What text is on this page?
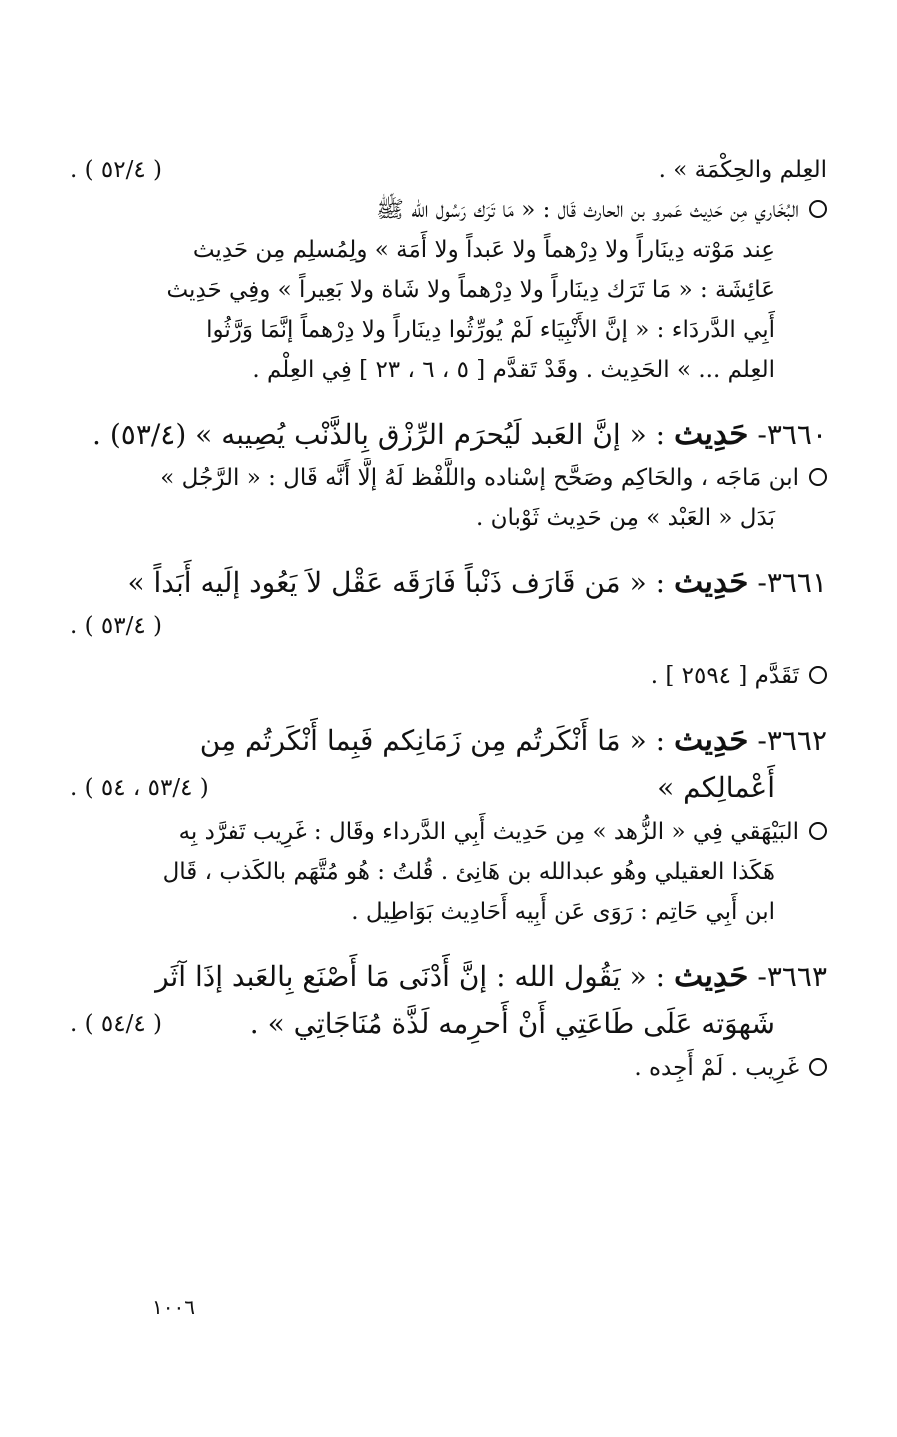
العِلم والحِكْمَة » .
( ٥٢/٤ ) .
البُخَاري مِن حَدِيث عَمرو بن الحارث قَال : « مَا تَرَك رَسُول الله ﷺ
عِند مَوْته دِينَاراً ولا دِرْهماً ولا عَبداً ولا أَمَة » ولِمُسلِم مِن حَدِيث
عَائِشَة : « مَا تَرَك دِينَاراً ولا دِرْهماً ولا شَاة ولا بَعِيراً » وفِي حَدِيث
أَبِي الدَّردَاء : « إنَّ الأَنْبِيَاء لَمْ يُورِّثُوا دِينَاراً ولا دِرْهماً إنَّمَا وَرَّثُوا
العِلم ... » الحَدِيث . وقَدْ تَقدَّم [ ٥ ، ٦ ، ٢٣ ] فِي العِلْم .
٣٦٦٠- حَدِيث : « إنَّ العَبد لَيُحرَم الرِّزْق بِالذَّنْب يُصِيبه » (٥٣/٤) .
ابن مَاجَه ، والحَاكِم وصَحَّح إسْناده واللَّفْظ لَهُ إلَّا أَنَّه قَال : « الرَّجُل »
بَدَل « العَبْد » مِن حَدِيث ثَوْبان .
٣٦٦١- حَدِيث : « مَن قَارَف ذَنْباً فَارَقَه عَقْل لاَ يَعُود إلَيه أَبَداً »
( ٥٣/٤ ) .
تَقَدَّم [ ٢٥٩٤ ] .
٣٦٦٢- حَدِيث : « مَا أَنْكَرتُم مِن زَمَانِكم فَبِما أَنْكَرتُم مِن
أَعْمالِكم »
( ٥٣/٤ ، ٥٤ ) .
البَيْهَقي فِي « الزُّهد » مِن حَدِيث أَبِي الدَّرداء وقَال : غَرِيب تَفرَّد بِه
هَكَذا العقيلي وهُو عبدالله بن هَانِئ . قُلتُ : هُو مُتَّهَم بالكَذب ، قَال
ابن أَبِي حَاتِم : رَوَى عَن أَبِيه أَحَادِيث بَوَاطِيل .
٣٦٦٣- حَدِيث : « يَقُول الله : إنَّ أَدْنَى مَا أَصْنَع بِالعَبد إذَا آثَر
شَهوَته عَلَى طَاعَتِي أَنْ أَحرِمه لَذَّة مُنَاجَاتِي » .
( ٥٤/٤ ) .
غَرِيب . لَمْ أَجِده .
١٠٠٦
